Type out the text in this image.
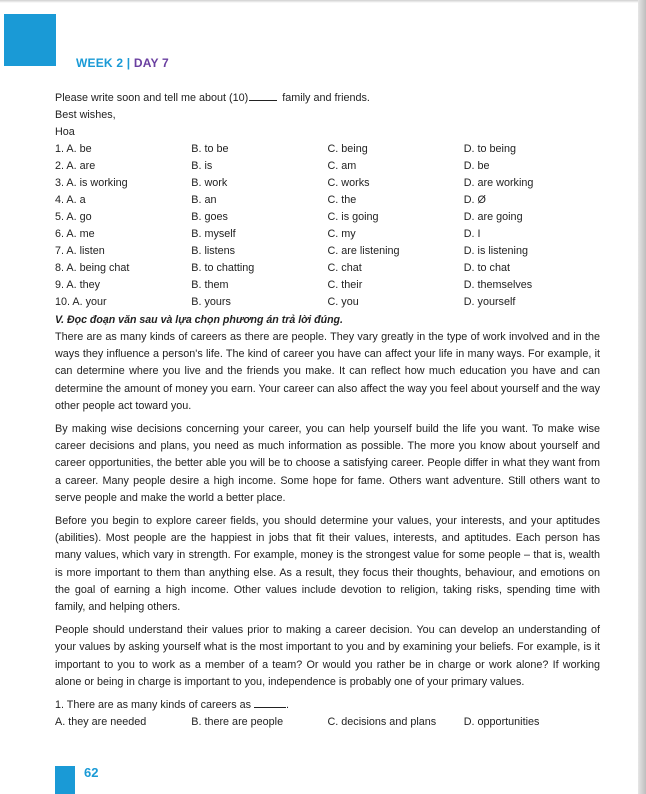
WEEK 2 | DAY 7
Please write soon and tell me about (10)	family and friends.
Best wishes,
Hoa
1. A. be	B. to be	C. being	D. to being
2. A. are	B. is	C. am	D. be
3. A. is working	B. work	C. works	D. are working
4. A. a	B. an	C. the	D. Ø
5. A. go	B. goes	C. is going	D. are going
6. A. me	B. myself	C. my	D. I
7. A. listen	B. listens	C. are listening	D. is listening
8. A. being chat	B. to chatting	C. chat	D. to chat
9. A. they	B. them	C. their	D. themselves
10. A. your	B. yours	C. you	D. yourself
V. Đọc đoạn văn sau và lựa chọn phương án trả lời đúng.

There are as many kinds of careers as there are people. They vary greatly in the type of work involved and in the ways they influence a person's life. The kind of career you have can affect your life in many ways. For example, it can determine where you live and the friends you make. It can reflect how much education you have and can determine the amount of money you earn. Your career can also affect the way you feel about yourself and the way other people act toward you.

By making wise decisions concerning your career, you can help yourself build the life you want. To make wise career decisions and plans, you need as much information as possible. The more you know about yourself and career opportunities, the better able you will be to choose a satisfying career. People differ in what they want from a career. Many people desire a high income. Some hope for fame. Others want adventure. Still others want to serve people and make the world a better place.

Before you begin to explore career fields, you should determine your values, your interests, and your aptitudes (abilities). Most people are the happiest in jobs that fit their values, interests, and aptitudes. Each person has many values, which vary in strength. For example, money is the strongest value for some people – that is, wealth is more important to them than anything else. As a result, they focus their thoughts, behaviour, and emotions on the goal of earning a high income. Other values include devotion to religion, taking risks, spending time with family, and helping others.

People should understand their values prior to making a career decision. You can develop an understanding of your values by asking yourself what is the most important to you and by examining your beliefs. For example, is it important to you to work as a member of a team? Or would you rather be in charge or work alone? If working alone or being in charge is important to you, independence is probably one of your primary values.

1. There are as many kinds of careers as	.
A. they are needed	B. there are people	C. decisions and plans	D. opportunities
62
